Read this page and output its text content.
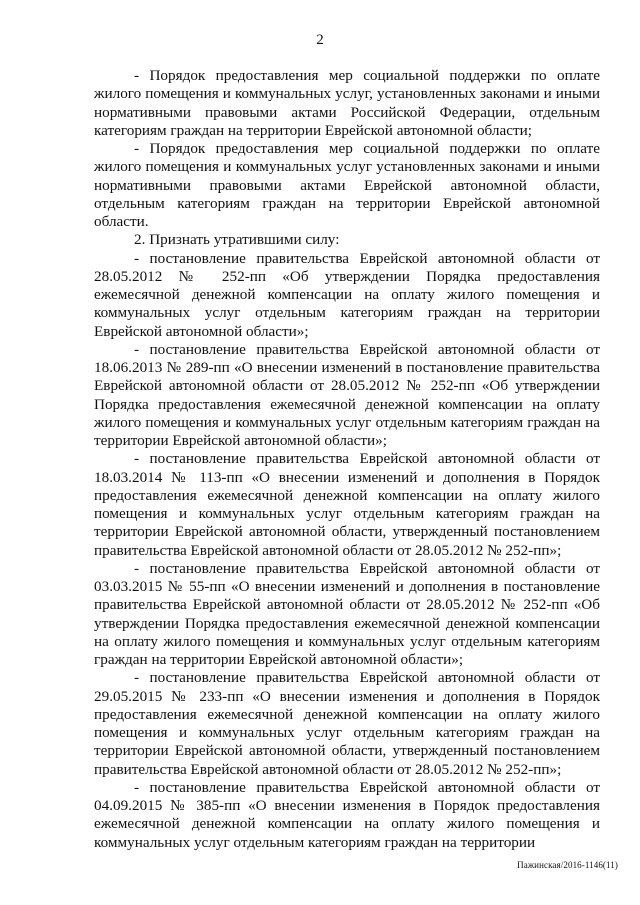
2

- Порядок предоставления мер социальной поддержки по оплате жилого помещения и коммунальных услуг, установленных законами и иными нормативными правовыми актами Российской Федерации, отдельным категориям граждан на территории Еврейской автономной области;

- Порядок предоставления мер социальной поддержки по оплате жилого помещения и коммунальных услуг установленных законами и иными нормативными правовыми актами Еврейской автономной области, отдельным категориям граждан на территории Еврейской автономной области.

2. Признать утратившими силу:

- постановление правительства Еврейской автономной области от 28.05.2012 № 252-пп «Об утверждении Порядка предоставления ежемесячной денежной компенсации на оплату жилого помещения и коммунальных услуг отдельным категориям граждан на территории Еврейской автономной области»;

- постановление правительства Еврейской автономной области от 18.06.2013 № 289-пп «О внесении изменений в постановление правительства Еврейской автономной области от 28.05.2012 № 252-пп «Об утверждении Порядка предоставления ежемесячной денежной компенсации на оплату жилого помещения и коммунальных услуг отдельным категориям граждан на территории Еврейской автономной области»;

- постановление правительства Еврейской автономной области от 18.03.2014 № 113-пп «О внесении изменений и дополнения в Порядок предоставления ежемесячной денежной компенсации на оплату жилого помещения и коммунальных услуг отдельным категориям граждан на территории Еврейской автономной области, утвержденный постановлением правительства Еврейской автономной области от 28.05.2012 № 252-пп»;

- постановление правительства Еврейской автономной области от 03.03.2015 № 55-пп «О внесении изменений и дополнения в постановление правительства Еврейской автономной области от 28.05.2012 № 252-пп «Об утверждении Порядка предоставления ежемесячной денежной компенсации на оплату жилого помещения и коммунальных услуг отдельным категориям граждан на территории Еврейской автономной области»;

- постановление правительства Еврейской автономной области от 29.05.2015 № 233-пп «О внесении изменения и дополнения в Порядок предоставления ежемесячной денежной компенсации на оплату жилого помещения и коммунальных услуг отдельным категориям граждан на территории Еврейской автономной области, утвержденный постановлением правительства Еврейской автономной области от 28.05.2012 № 252-пп»;

- постановление правительства Еврейской автономной области от 04.09.2015 № 385-пп «О внесении изменения в Порядок предоставления ежемесячной денежной компенсации на оплату жилого помещения и коммунальных услуг отдельным категориям граждан на территории

Пажинская/2016-1146(11)
